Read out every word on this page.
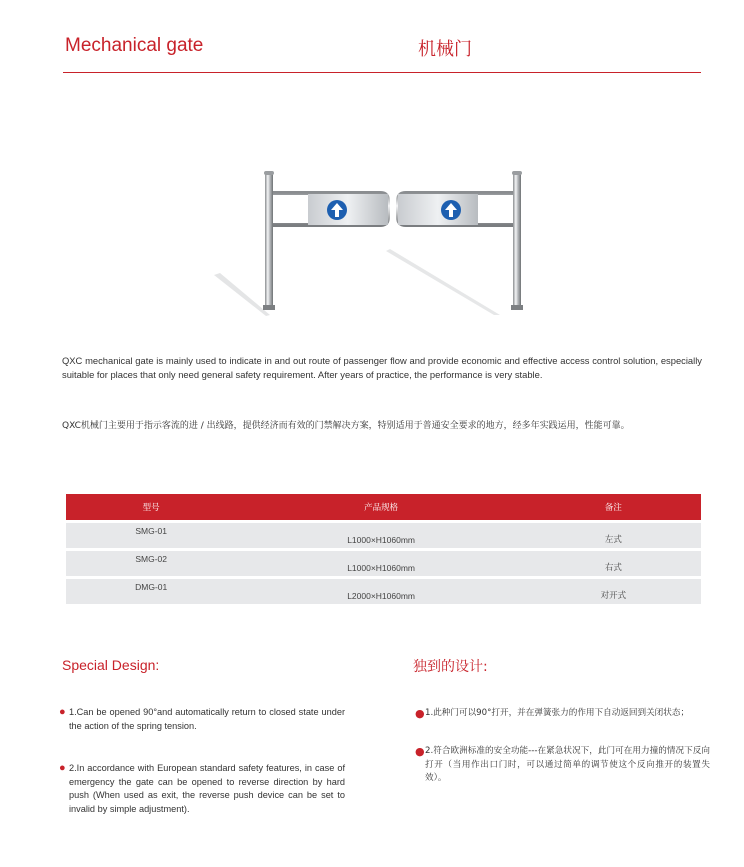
Mechanical gate	机械门
QXC mechanical gate is mainly used to indicate in and out route of passenger flow and provide economic and effective access control solution, especially suitable for places that only need general safety requirement. After years of practice, the performance is very stable.
QXC机械门主要用于指示客流的进 / 出线路，提供经济而有效的门禁解决方案，特别适用于普通安全要求的地方，经多年实践运用，性能可靠。
型号	产品规格	备注

SMG-01	L1000×H1060mm	左式

SMG-02	L1000×H1060mm	右式

DMG-01	L2000×H1060mm	对开式
Special Design:	独到的设计:
● 1.Can be opened 90°and automatically return to closed state under the action of the spring tension.
● 2.In accordance with European standard safety features, in case of emergency the gate can be opened to reverse direction by hard push (When used as exit, the reverse push device can be set to invalid by simple adjustment).
● 1.此种门可以90°打开，并在弹簧张力的作用下自动返回到关闭状态；
● 2.符合欧洲标准的安全功能---在紧急状况下，此门可在用力撞的情况下反向打开（当用作出口门时，可以通过简单的调节使这个反向推开的装置失效）。
